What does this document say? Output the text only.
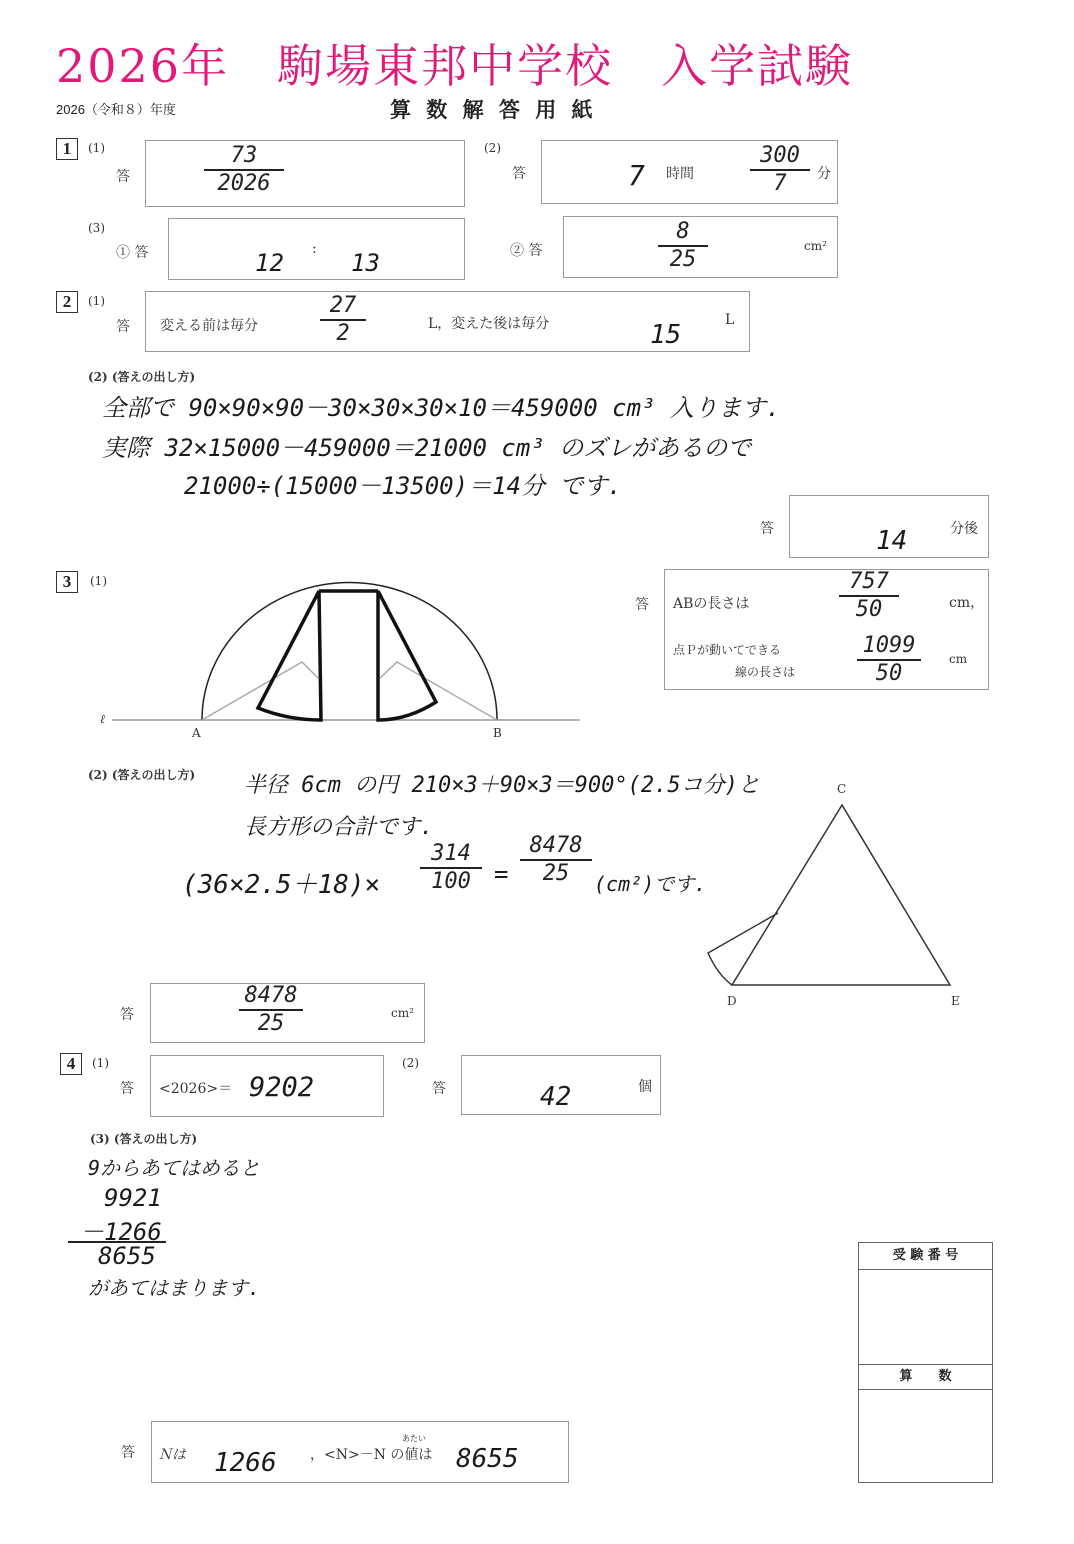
2026年　駒場東邦中学校　入学試験
2026（令和８）年度	算 数 解 答 用 紙
1	(1)
答
73
2026
(2)
答	7 時間
300
7	分
(3)
① 答	12 : 13	② 答
8
25
cm²
2	(1)
答 変える前は毎分
27
2	L，変えた後は毎分	15	L
(2) (答えの出し方)
全部で 90×90×90－30×30×30×10＝459000 cm³ 入ります.
実際 32×15000－459000＝21000 cm³ のズレがあるので
21000÷(15000－13500)＝14分 です.
答	14	分後
3	(1)
ℓ
A	B
答 ABの長さは
757
50	cm，
点Ｐが動いてできる
線の長さは
1099
50
cm
(2) (答えの出し方) 半径 6cm の円 210×3＋90×3＝900°(2.5コ分)と
長方形の合計です.
(36×2.5＋18)×
314
100 =
8478
25	(cm²)です.
C
D	E
答
8478
25	cm²
4	(1)
答 <2026>＝ 9202
(2)
答	42	個
(3) (答えの出し方)
9からあてはめると
9921
－1266
8655
があてはまります.
答 Ｎは 1266 ，<N>－N の値は
あたい
8655
受 験 番 号
算　　数
